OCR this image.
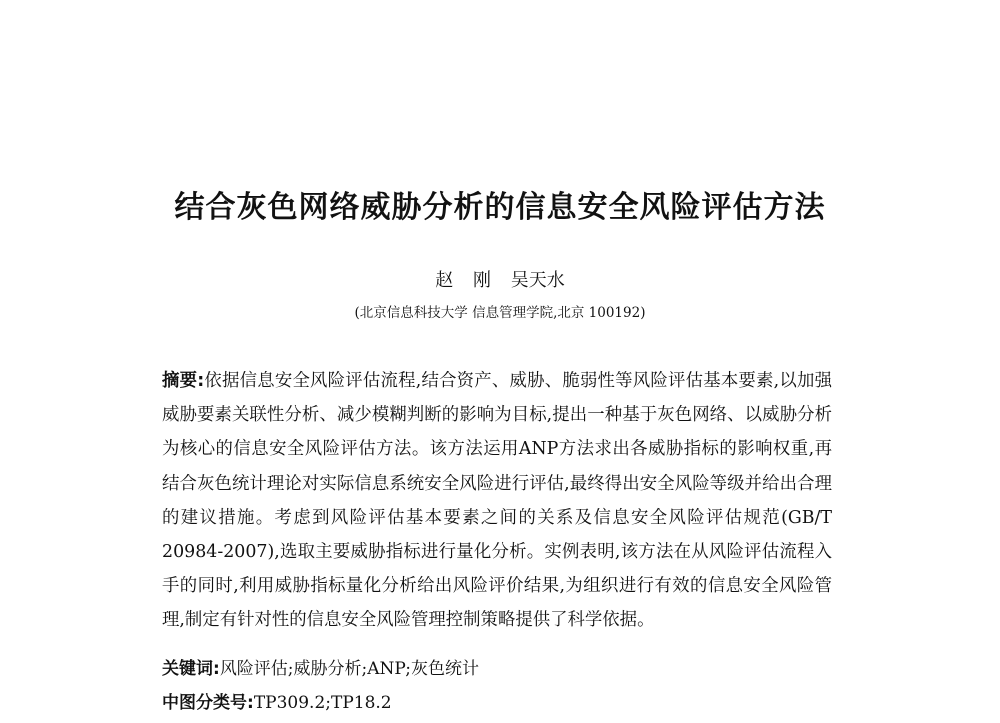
结合灰色网络威胁分析的信息安全风险评估方法
赵 刚 吴天水
(北京信息科技大学 信息管理学院,北京 100192)
摘要:依据信息安全风险评估流程,结合资产、威胁、脆弱性等风险评估基本要素,以加强威胁要素关联性分析、减少模糊判断的影响为目标,提出一种基于灰色网络、以威胁分析为核心的信息安全风险评估方法。该方法运用ANP方法求出各威胁指标的影响权重,再结合灰色统计理论对实际信息系统安全风险进行评估,最终得出安全风险等级并给出合理的建议措施。考虑到风险评估基本要素之间的关系及信息安全风险评估规范(GB/T 20984-2007),选取主要威胁指标进行量化分析。实例表明,该方法在从风险评估流程入手的同时,利用威胁指标量化分析给出风险评价结果,为组织进行有效的信息安全风险管理,制定有针对性的信息安全风险管理控制策略提供了科学依据。
关键词:风险评估;威胁分析;ANP;灰色统计
中图分类号:TP309.2;TP18.2
